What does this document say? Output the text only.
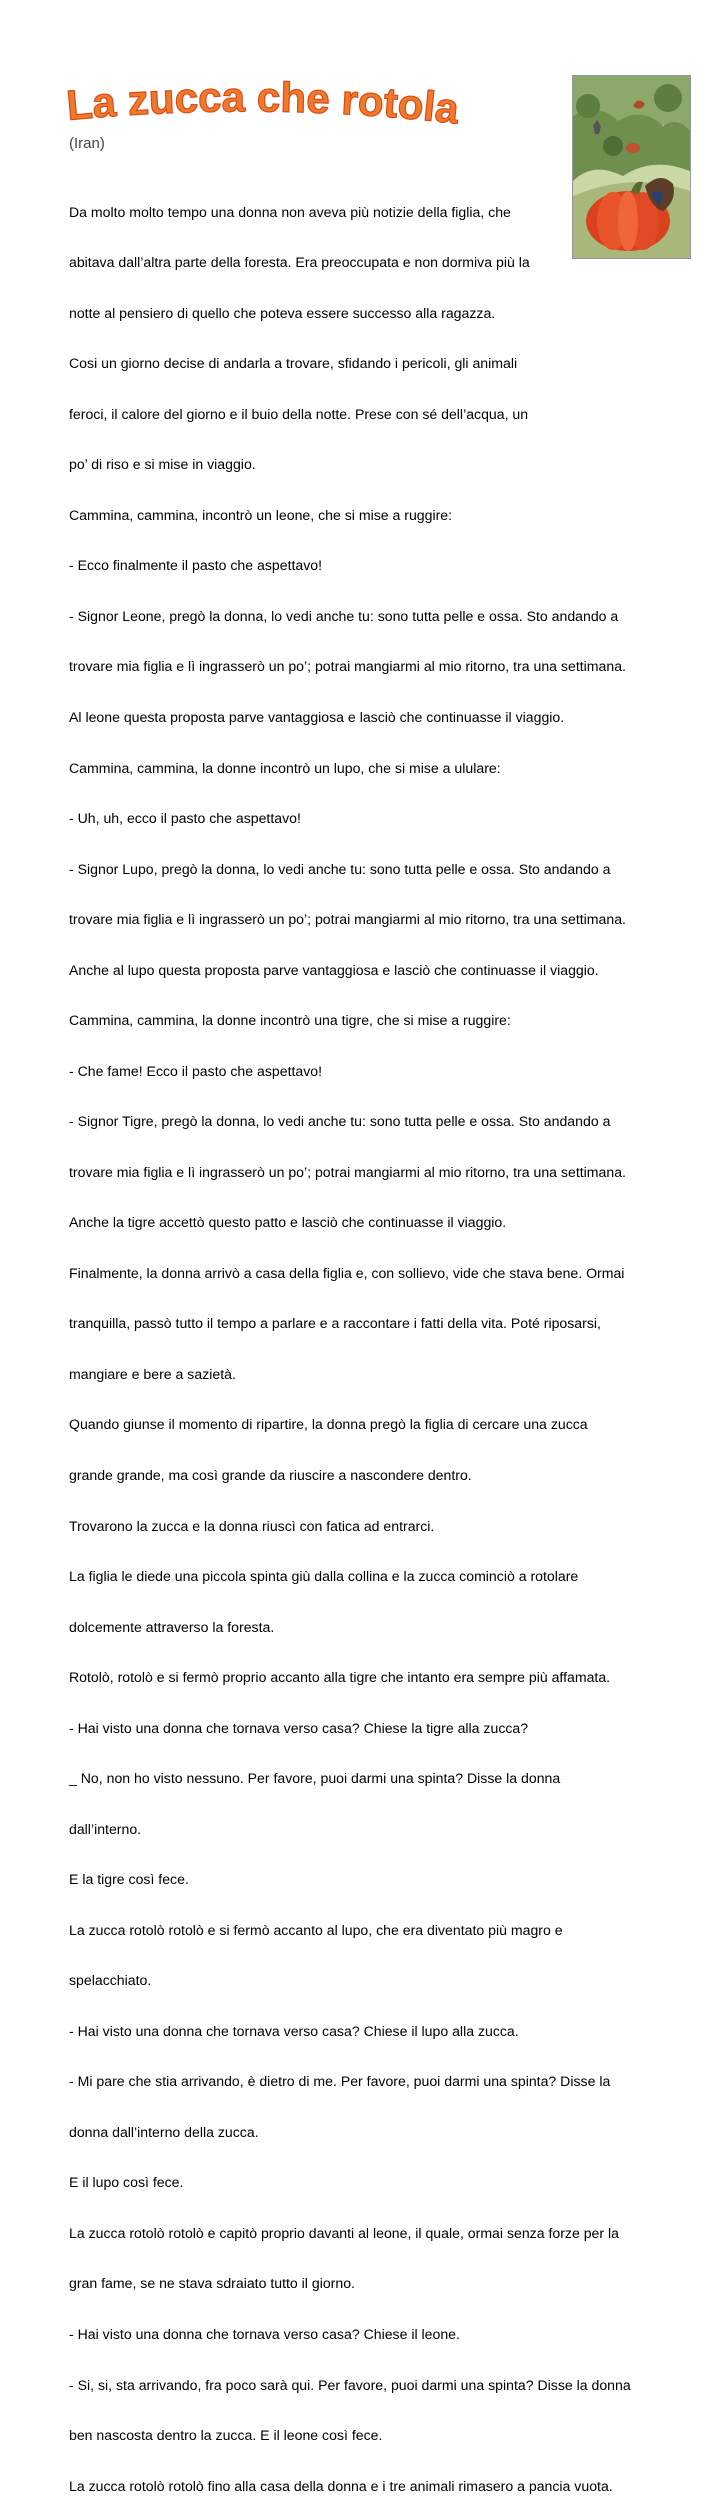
La zucca che rotola
(Iran)

Da molto molto tempo una donna non aveva più notizie della figlia, che

abitava dall’altra parte della foresta. Era preoccupata e non dormiva più la

notte al pensiero di quello che poteva essere successo alla ragazza.

Cosi un giorno decise di andarla a trovare, sfidando i pericoli, gli animali

feroci, il calore del giorno e il buio della notte. Prese con sé dell’acqua, un

po’ di riso e si mise in viaggio.

Cammina, cammina, incontrò un leone, che si mise a ruggire:

- Ecco finalmente il pasto che aspettavo!

- Signor Leone, pregò la donna, lo vedi anche tu: sono tutta pelle e ossa. Sto andando a

trovare mia figlia e lì ingrasserò un po’; potrai mangiarmi al mio ritorno, tra una settimana.

Al leone questa proposta parve vantaggiosa e lasciò che continuasse il viaggio.

Cammina, cammina, la donne incontrò un lupo, che si mise a ululare:

- Uh, uh, ecco il pasto che aspettavo!

- Signor Lupo, pregò la donna, lo vedi anche tu: sono tutta pelle e ossa. Sto andando a

trovare mia figlia e lì ingrasserò un po’; potrai mangiarmi al mio ritorno, tra una settimana.

Anche al lupo questa proposta parve vantaggiosa e lasciò che continuasse il viaggio.

Cammina, cammina, la donne incontrò una tigre, che si mise a ruggire:

- Che fame! Ecco il pasto che aspettavo!

- Signor Tigre, pregò la donna, lo vedi anche tu: sono tutta pelle e ossa. Sto andando a

trovare mia figlia e lì ingrasserò un po’; potrai mangiarmi al mio ritorno, tra una settimana.

Anche la tigre accettò questo patto e lasciò che continuasse il viaggio.

Finalmente, la donna arrivò a casa della figlia e, con sollievo, vide che stava bene. Ormai

tranquilla, passò tutto il tempo a parlare e a raccontare i fatti della vita. Poté riposarsi,

mangiare e bere a sazietà.

Quando giunse il momento di ripartire, la donna pregò la figlia di cercare una zucca

grande grande, ma così grande da riuscire a nascondere dentro.

Trovarono la zucca e la donna riuscì con fatica ad entrarci.

La figlia le diede una piccola spinta giù dalla collina e la zucca cominciò a rotolare

dolcemente attraverso la foresta.

Rotolò, rotolò e si fermò proprio accanto alla tigre che intanto era sempre più affamata.

- Hai visto una donna che tornava verso casa? Chiese la tigre alla zucca?

_ No, non ho visto nessuno. Per favore, puoi darmi una spinta? Disse la donna

dall’interno.

E la tigre così fece.

La zucca rotolò rotolò e si fermò accanto al lupo, che era diventato più magro e

spelacchiato.

- Hai visto una donna che tornava verso casa? Chiese il lupo alla zucca.

- Mi pare che stia arrivando, è dietro di me. Per favore, puoi darmi una spinta? Disse la

donna dall’interno della zucca.

E il lupo così fece.

La zucca rotolò rotolò e capitò proprio davanti al leone, il quale, ormai senza forze per la

gran fame, se ne stava sdraiato tutto il giorno.

- Hai visto una donna che tornava verso casa? Chiese il leone.

- Si, si, sta arrivando, fra poco sarà qui. Per favore, puoi darmi una spinta? Disse la donna

ben nascosta dentro la zucca. E il leone così fece.

La zucca rotolò rotolò fino alla casa della donna e i tre animali rimasero a pancia vuota.
